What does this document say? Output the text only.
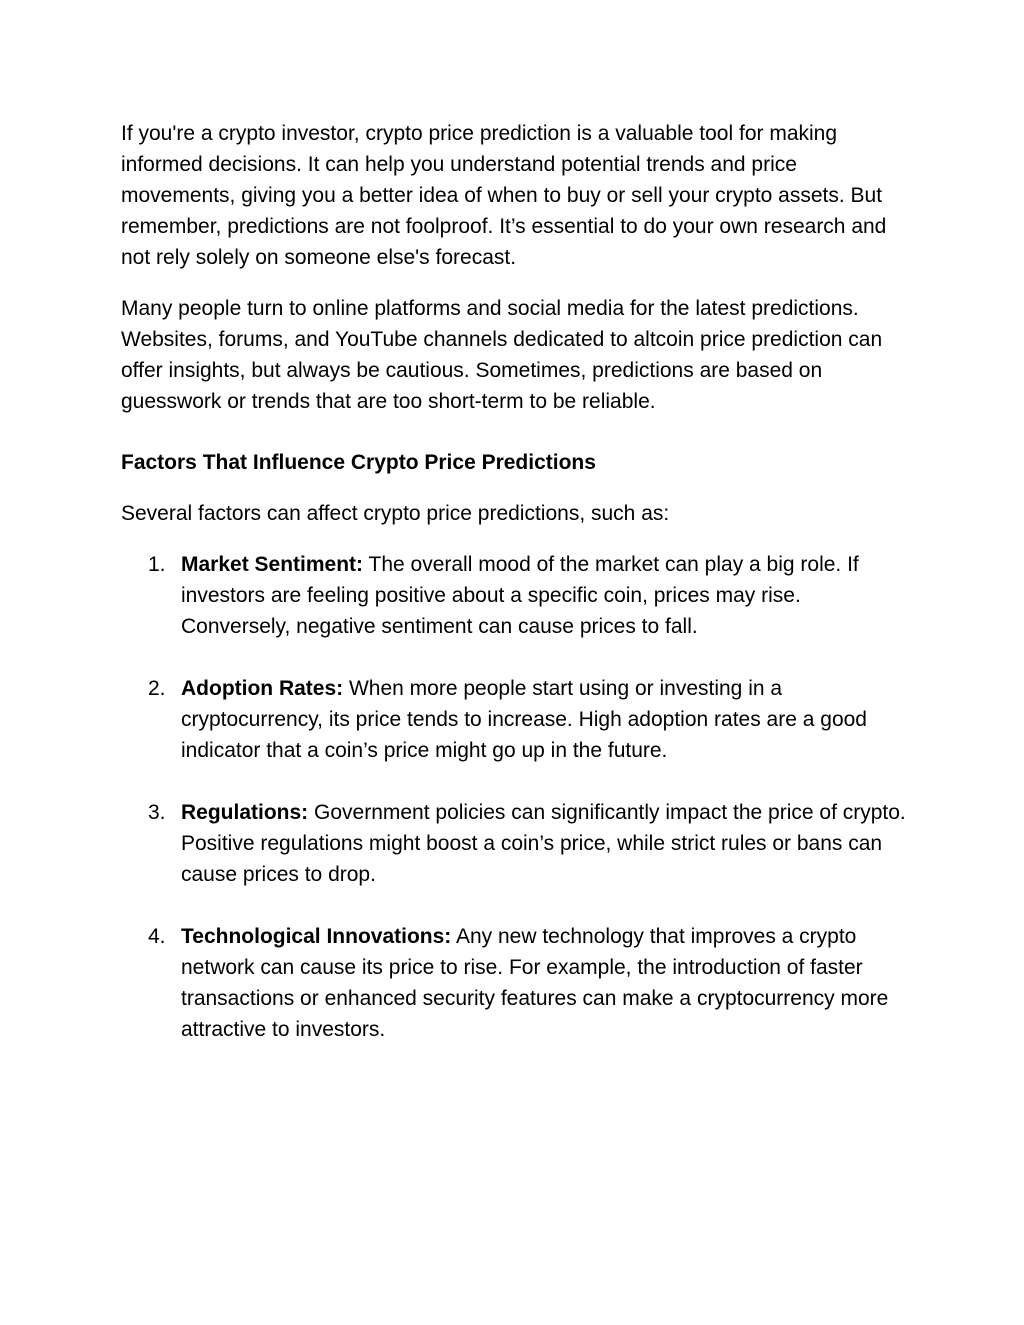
If you're a crypto investor, crypto price prediction is a valuable tool for making informed decisions. It can help you understand potential trends and price movements, giving you a better idea of when to buy or sell your crypto assets. But remember, predictions are not foolproof. It’s essential to do your own research and not rely solely on someone else's forecast.

Many people turn to online platforms and social media for the latest predictions. Websites, forums, and YouTube channels dedicated to altcoin price prediction can offer insights, but always be cautious. Sometimes, predictions are based on guesswork or trends that are too short-term to be reliable.

Factors That Influence Crypto Price Predictions

Several factors can affect crypto price predictions, such as:

1. Market Sentiment: The overall mood of the market can play a big role. If investors are feeling positive about a specific coin, prices may rise. Conversely, negative sentiment can cause prices to fall.
2. Adoption Rates: When more people start using or investing in a cryptocurrency, its price tends to increase. High adoption rates are a good indicator that a coin’s price might go up in the future.
3. Regulations: Government policies can significantly impact the price of crypto. Positive regulations might boost a coin’s price, while strict rules or bans can cause prices to drop.
4. Technological Innovations: Any new technology that improves a crypto network can cause its price to rise. For example, the introduction of faster transactions or enhanced security features can make a cryptocurrency more attractive to investors.
